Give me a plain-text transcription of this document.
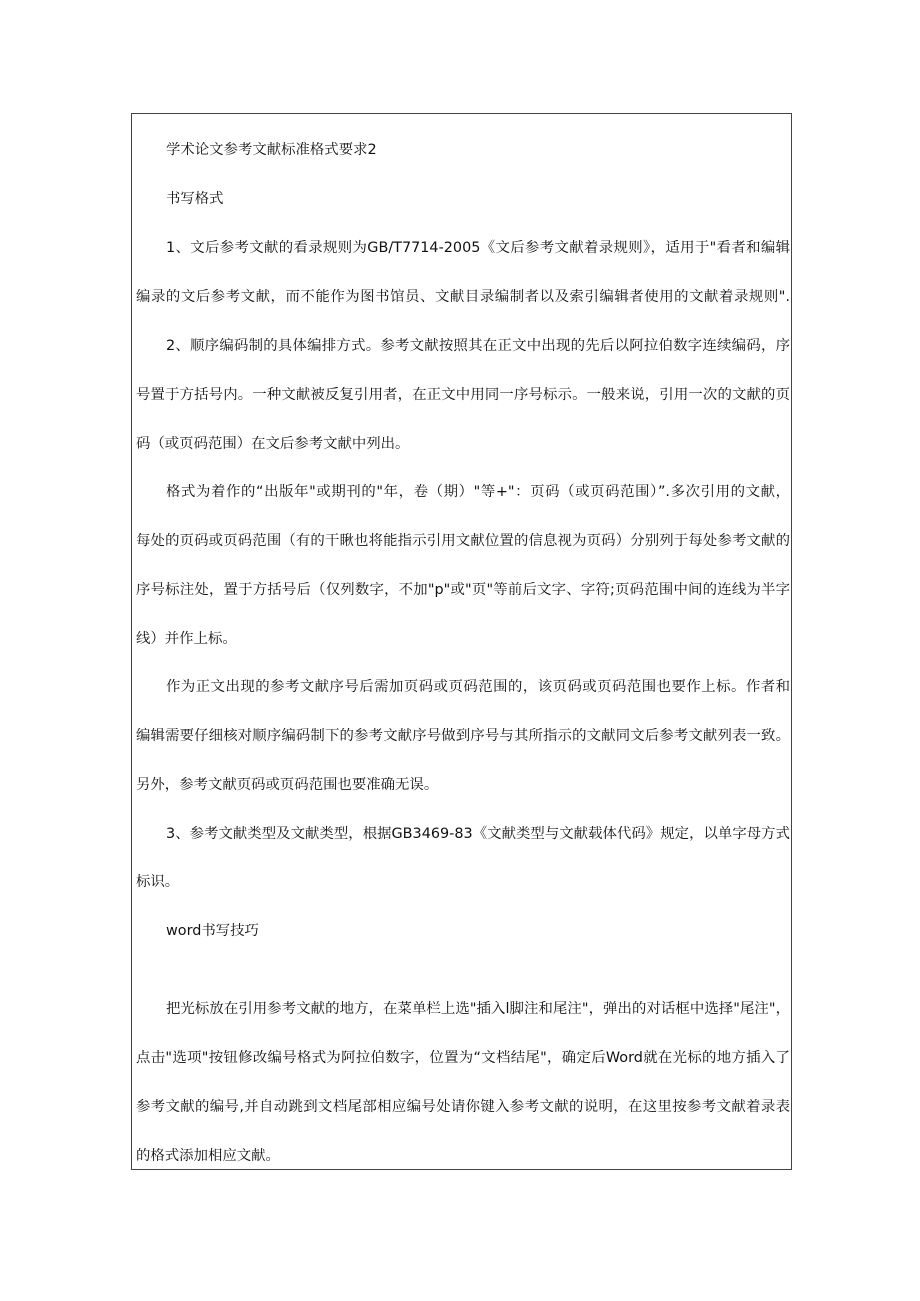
学术论文参考文献标准格式要求2
书写格式
1、文后参考文献的看录规则为GB/T7714-2005《文后参考文献着录规则》，适用于"看者和编辑
编录的文后参考文献，而不能作为图书馆员、文献目录编制者以及索引编辑者使用的文献着录规则".
2、顺序编码制的具体编排方式。参考文献按照其在正文中出现的先后以阿拉伯数字连续编码，序
号置于方括号内。一种文献被反复引用者，在正文中用同一序号标示。一般来说，引用一次的文献的页
码（或页码范围）在文后参考文献中列出。
格式为着作的“出版年"或期刊的"年，卷（期）"等+"：页码（或页码范围）”.多次引用的文献，
每处的页码或页码范围（有的干瞅也将能指示引用文献位置的信息视为页码）分别列于每处参考文献的
序号标注处，置于方括号后（仅列数字，不加"p"或"页"等前后文字、字符;页码范围中间的连线为半字
线）并作上标。
作为正文出现的参考文献序号后需加页码或页码范围的，该页码或页码范围也要作上标。作者和
编辑需要仔细核对顺序编码制下的参考文献序号做到序号与其所指示的文献同文后参考文献列表一致。
另外，参考文献页码或页码范围也要准确无误。
3、参考文献类型及文献类型，根据GB3469-83《文献类型与文献载体代码》规定，以单字母方式
标识。
word书写技巧
把光标放在引用参考文献的地方，在菜单栏上选"插入l脚注和尾注"，弹出的对话框中选择"尾注"，
点击"选项"按钮修改编号格式为阿拉伯数字，位置为“文档结尾"，确定后Word就在光标的地方插入了
参考文献的编号,并自动跳到文档尾部相应编号处请你键入参考文献的说明，在这里按参考文献着录表
的格式添加相应文献。
